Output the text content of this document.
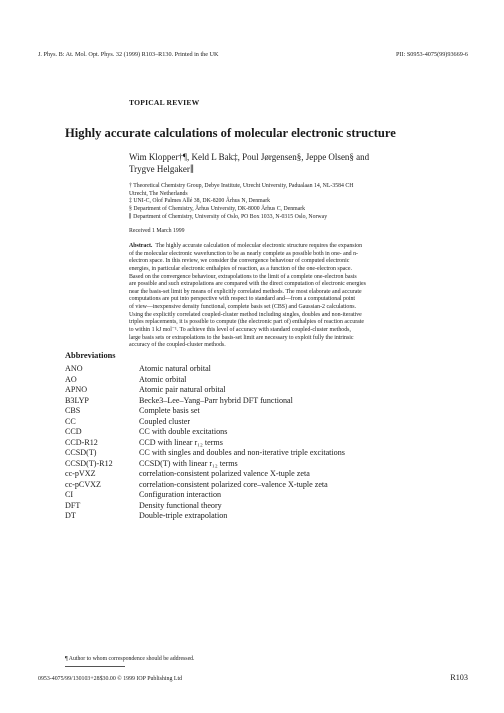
J. Phys. B: At. Mol. Opt. Phys. 32 (1999) R103–R130. Printed in the UK	PII: S0953-4075(99)93669-6
TOPICAL REVIEW
Highly accurate calculations of molecular electronic structure
Wim Klopper†¶, Keld L Bak‡, Poul Jørgensen§, Jeppe Olsen§ and
Trygve Helgaker∥
† Theoretical Chemistry Group, Debye Institute, Utrecht University, Padualaan 14, NL-3584 CH
Utrecht, The Netherlands
‡ UNI-C, Olof Palmes Allé 38, DK-8200 Århus N, Denmark
§ Department of Chemistry, Århus University, DK-8000 Århus C, Denmark
∥ Department of Chemistry, University of Oslo, PO Box 1033, N-0315 Oslo, Norway
Received 1 March 1999
Abstract. The highly accurate calculation of molecular electronic structure requires the expansion
of the molecular electronic wavefunction to be as nearly complete as possible both in one- and n-
electron space. In this review, we consider the convergence behaviour of computed electronic
energies, in particular electronic enthalpies of reaction, as a function of the one-electron space.
Based on the convergence behaviour, extrapolations to the limit of a complete one-electron basis
are possible and such extrapolations are compared with the direct computation of electronic energies
near the basis-set limit by means of explicitly correlated methods. The most elaborate and accurate
computations are put into perspective with respect to standard and—from a computational point
of view—inexpensive density functional, complete basis set (CBS) and Gaussian-2 calculations.
Using the explicitly correlated coupled-cluster method including singles, doubles and non-iterative
triples replacements, it is possible to compute (the electronic part of) enthalpies of reaction accurate
to within 1 kJ mol⁻¹. To achieve this level of accuracy with standard coupled-cluster methods,
large basis sets or extrapolations to the basis-set limit are necessary to exploit fully the intrinsic
accuracy of the coupled-cluster methods.
Abbreviations
ANO	Atomic natural orbital
AO	Atomic orbital
APNO	Atomic pair natural orbital
B3LYP	Becke3–Lee–Yang–Parr hybrid DFT functional
CBS	Complete basis set
CC	Coupled cluster
CCD	CC with double excitations
CCD-R12	CCD with linear r₁₂ terms
CCSD(T)	CC with singles and doubles and non-iterative triple excitations
CCSD(T)-R12	CCSD(T) with linear r₁₂ terms
cc-pVXZ	correlation-consistent polarized valence X-tuple zeta
cc-pCVXZ	correlation-consistent polarized core–valence X-tuple zeta
CI	Configuration interaction
DFT	Density functional theory
DT	Double-triple extrapolation
¶ Author to whom correspondence should be addressed.
0953-4075/99/130103+28$30.00 © 1999 IOP Publishing Ltd	R103
